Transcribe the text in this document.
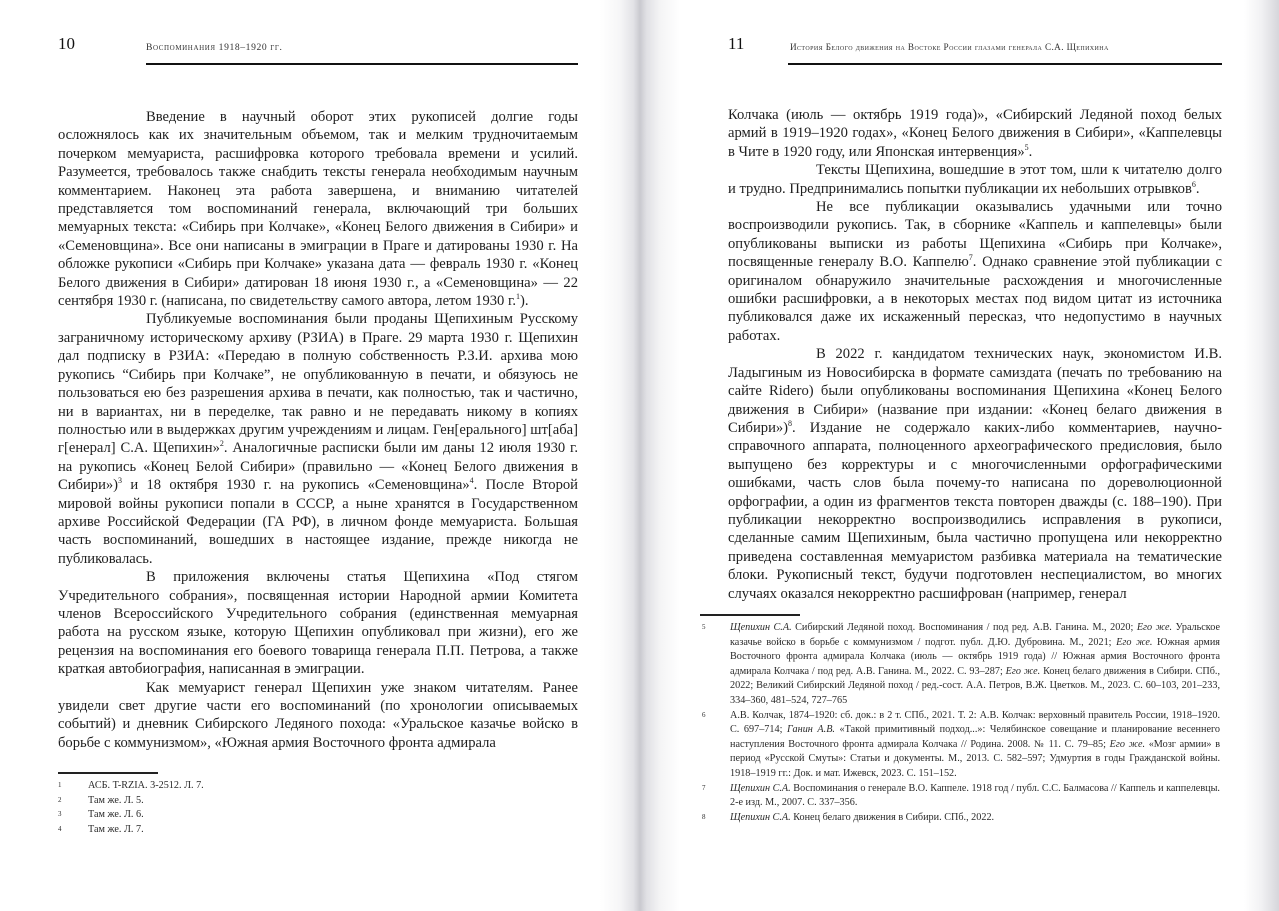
10	Воспоминания 1918–1920 гг.

Введение в научный оборот этих рукописей долгие годы осложнялось как их значительным объемом, так и мелким трудночитаемым почерком мемуариста, расшифровка которого требовала времени и усилий. Разумеется, требовалось также снабдить тексты генерала необходимым научным комментарием. Наконец эта работа завершена, и вниманию читателей представляется том воспоминаний генерала, включающий три больших мемуарных текста: «Сибирь при Колчаке», «Конец Белого движения в Сибири» и «Семеновщина». Все они написаны в эмиграции в Праге и датированы 1930 г. На обложке рукописи «Сибирь при Колчаке» указана дата — февраль 1930 г. «Конец Белого движения в Сибири» датирован 18 июня 1930 г., а «Семеновщина» — 22 сентября 1930 г. (написана, по свидетельству самого автора, летом 1930 г.$^1$).

Публикуемые воспоминания были проданы Щепихиным Русскому заграничному историческому архиву (РЗИА) в Праге. 29 марта 1930 г. Щепихин дал подписку в РЗИА: «Передаю в полную собственность Р.З.И. архива мою рукопись “Сибирь при Колчаке”, не опубликованную в печати, и обязуюсь не пользоваться ею без разрешения архива в печати, как полностью, так и частично, ни в вариантах, ни в переделке, так равно и не передавать никому в копиях полностью или в выдержках другим учреждениям и лицам. Ген[ерального] шт[аба] г[енерал] С.А. Щепихин»$^2$. Аналогичные расписки были им даны 12 июля 1930 г. на рукопись «Конец Белой Сибири» (правильно — «Конец Белого движения в Сибири»)$^3$ и 18 октября 1930 г. на рукопись «Семеновщина»$^4$. После Второй мировой войны рукописи попали в СССР, а ныне хранятся в Государственном архиве Российской Федерации (ГА РФ), в личном фонде мемуариста. Большая часть воспоминаний, вошедших в настоящее издание, прежде никогда не публиковалась.

В приложения включены статья Щепихина «Под стягом Учредительного собрания», посвященная истории Народной армии Комитета членов Всероссийского Учредительного собрания (единственная мемуарная работа на русском языке, которую Щепихин опубликовал при жизни), его же рецензия на воспоминания его боевого товарища генерала П.П. Петрова, а также краткая автобиография, написанная в эмиграции.

Как мемуарист генерал Щепихин уже знаком читателям. Ранее увидели свет другие части его воспоминаний (по хронологии описываемых событий) и дневник Сибирского Ледяного похода: «Уральское казачье войско в борьбе с коммунизмом», «Южная армия Восточного фронта адмирала

1	АСБ. T-RZIA. 3-2512. Л. 7.
2	Там же. Л. 5.
3	Там же. Л. 6.
4	Там же. Л. 7.
11	История Белого движения на Востоке России глазами генерала С.А. Щепихина

Колчака (июль — октябрь 1919 года)», «Сибирский Ледяной поход белых армий в 1919–1920 годах», «Конец Белого движения в Сибири», «Каппелевцы в Чите в 1920 году, или Японская интервенция»$^5$.

Тексты Щепихина, вошедшие в этот том, шли к читателю долго и трудно. Предпринимались попытки публикации их небольших отрывков$^6$.

Не все публикации оказывались удачными или точно воспроизводили рукопись. Так, в сборнике «Каппель и каппелевцы» были опубликованы выписки из работы Щепихина «Сибирь при Колчаке», посвященные генералу В.О. Каппелю$^7$. Однако сравнение этой публикации с оригиналом обнаружило значительные расхождения и многочисленные ошибки расшифровки, а в некоторых местах под видом цитат из источника публиковался даже их искаженный пересказ, что недопустимо в научных работах.

В 2022 г. кандидатом технических наук, экономистом И.В. Ладыгиным из Новосибирска в формате самиздата (печать по требованию на сайте Ridero) были опубликованы воспоминания Щепихина «Конец Белого движения в Сибири» (название при издании: «Конец белаго движения в Сибири»)$^8$. Издание не содержало каких-либо комментариев, научно-справочного аппарата, полноценного археографического предисловия, было выпущено без корректуры и с многочисленными орфографическими ошибками, часть слов была почему-то написана по дореволюционной орфографии, а один из фрагментов текста повторен дважды (с. 188–190). При публикации некорректно воспроизводились исправления в рукописи, сделанные самим Щепихиным, была частично пропущена или некорректно приведена составленная мемуаристом разбивка материала на тематические блоки. Рукописный текст, будучи подготовлен неспециалистом, во многих случаях оказался некорректно расшифрован (например, генерал

5 Щепихин С.А. Сибирский Ледяной поход. Воспоминания / под ред. А.В. Ганина. М., 2020; Его же. Уральское казачье войско в борьбе с коммунизмом / подгот. публ. Д.Ю. Дубровина. М., 2021; Его же. Южная армия Восточного фронта адмирала Колчака (июль — октябрь 1919 года) // Южная армия Восточного фронта адмирала Колчака / под ред. А.В. Ганина. М., 2022. С. 93–287; Его же. Конец белаго движения в Сибири. СПб., 2022; Великий Сибирский Ледяной поход / ред.-сост. А.А. Петров, В.Ж. Цветков. М., 2023. С. 60–103, 201–233, 334–360, 481–524, 727–765
6 А.В. Колчак, 1874–1920: сб. док.: в 2 т. СПб., 2021. Т. 2: А.В. Колчак: верховный правитель России, 1918–1920. С. 697–714; Ганин А.В. «Такой примитивный подход...»: Челябинское совещание и планирование весеннего наступления Восточного фронта адмирала Колчака // Родина. 2008. № 11. С. 79–85; Его же. «Мозг армии» в период «Русской Смуты»: Статьи и документы. М., 2013. С. 582–597; Удмуртия в годы Гражданской войны. 1918–1919 гг.: Док. и мат. Ижевск, 2023. С. 151–152.
7 Щепихин С.А. Воспоминания о генерале В.О. Каппеле. 1918 год / публ. С.С. Балмасова // Каппель и каппелевцы. 2-е изд. М., 2007. С. 337–356.
8 Щепихин С.А. Конец белаго движения в Сибири. СПб., 2022.
